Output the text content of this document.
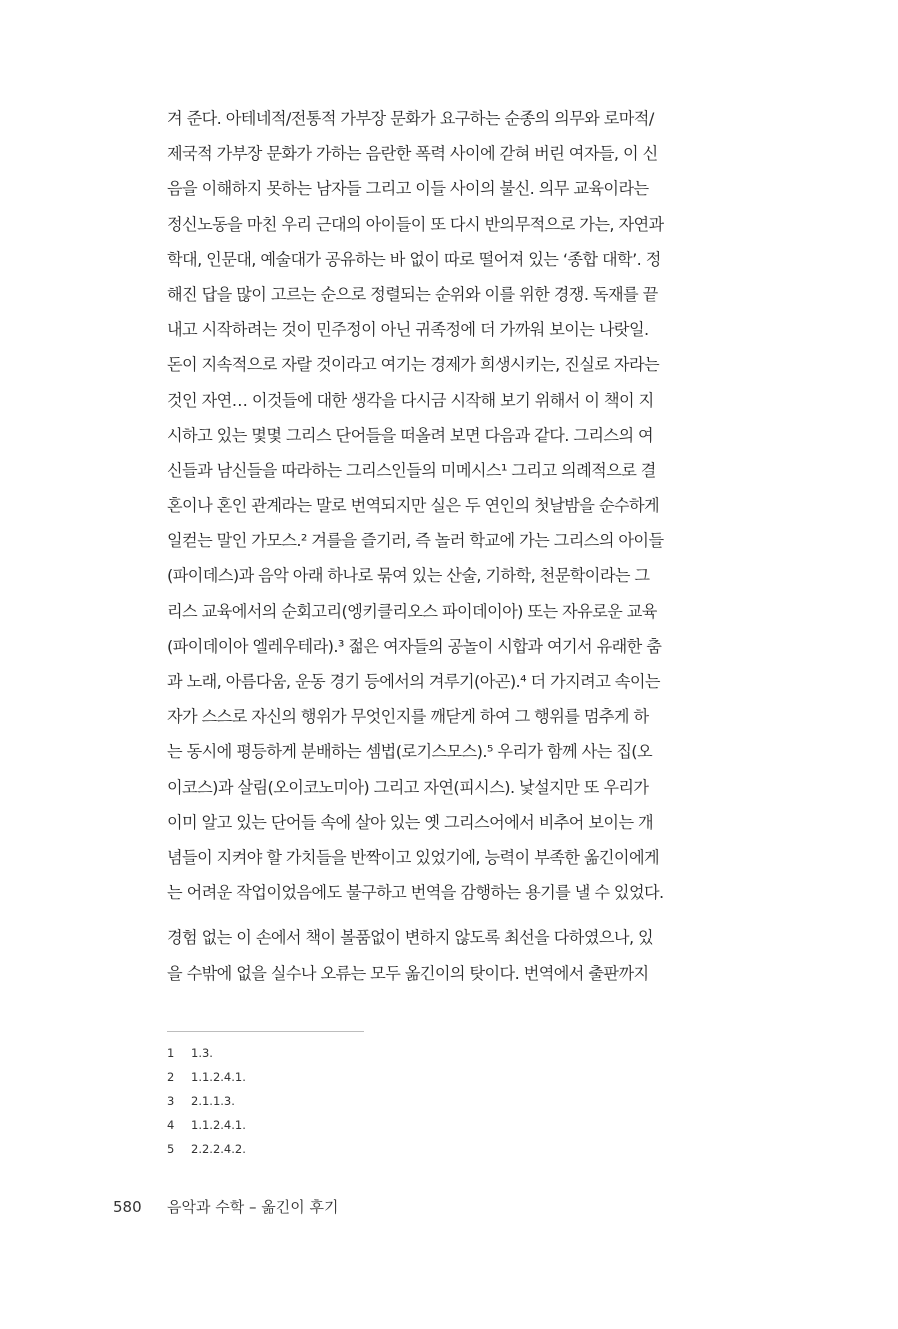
겨 준다. 아테네적/전통적 가부장 문화가 요구하는 순종의 의무와 로마적/
제국적 가부장 문화가 가하는 음란한 폭력 사이에 갇혀 버린 여자들, 이 신
음을 이해하지 못하는 남자들 그리고 이들 사이의 불신. 의무 교육이라는
정신노동을 마친 우리 근대의 아이들이 또 다시 반의무적으로 가는, 자연과
학대, 인문대, 예술대가 공유하는 바 없이 따로 떨어져 있는 ‘종합 대학’. 정
해진 답을 많이 고르는 순으로 정렬되는 순위와 이를 위한 경쟁. 독재를 끝
내고 시작하려는 것이 민주정이 아닌 귀족정에 더 가까워 보이는 나랏일.
돈이 지속적으로 자랄 것이라고 여기는 경제가 희생시키는, 진실로 자라는
것인 자연… 이것들에 대한 생각을 다시금 시작해 보기 위해서 이 책이 지
시하고 있는 몇몇 그리스 단어들을 떠올려 보면 다음과 같다. 그리스의 여
신들과 남신들을 따라하는 그리스인들의 미메시스¹ 그리고 의례적으로 결
혼이나 혼인 관계라는 말로 번역되지만 실은 두 연인의 첫날밤을 순수하게
일컫는 말인 가모스.² 겨를을 즐기러, 즉 놀러 학교에 가는 그리스의 아이들
(파이데스)과 음악 아래 하나로 묶여 있는 산술, 기하학, 천문학이라는 그
리스 교육에서의 순회고리(엥키클리오스 파이데이아) 또는 자유로운 교육
(파이데이아 엘레우테라).³ 젊은 여자들의 공놀이 시합과 여기서 유래한 춤
과 노래, 아름다움, 운동 경기 등에서의 겨루기(아곤).⁴ 더 가지려고 속이는
자가 스스로 자신의 행위가 무엇인지를 깨닫게 하여 그 행위를 멈추게 하
는 동시에 평등하게 분배하는 셈법(로기스모스).⁵ 우리가 함께 사는 집(오
이코스)과 살림(오이코노미아) 그리고 자연(피시스). 낯설지만 또 우리가
이미 알고 있는 단어들 속에 살아 있는 옛 그리스어에서 비추어 보이는 개
념들이 지켜야 할 가치들을 반짝이고 있었기에, 능력이 부족한 옮긴이에게
는 어려운 작업이었음에도 불구하고 번역을 감행하는 용기를 낼 수 있었다.
경험 없는 이 손에서 책이 볼품없이 변하지 않도록 최선을 다하였으나, 있
을 수밖에 없을 실수나 오류는 모두 옮긴이의 탓이다. 번역에서 출판까지
1 1.3.
2 1.1.2.4.1.
3 2.1.1.3.
4 1.1.2.4.1.
5 2.2.2.4.2.
580 음악과 수학 – 옮긴이 후기
